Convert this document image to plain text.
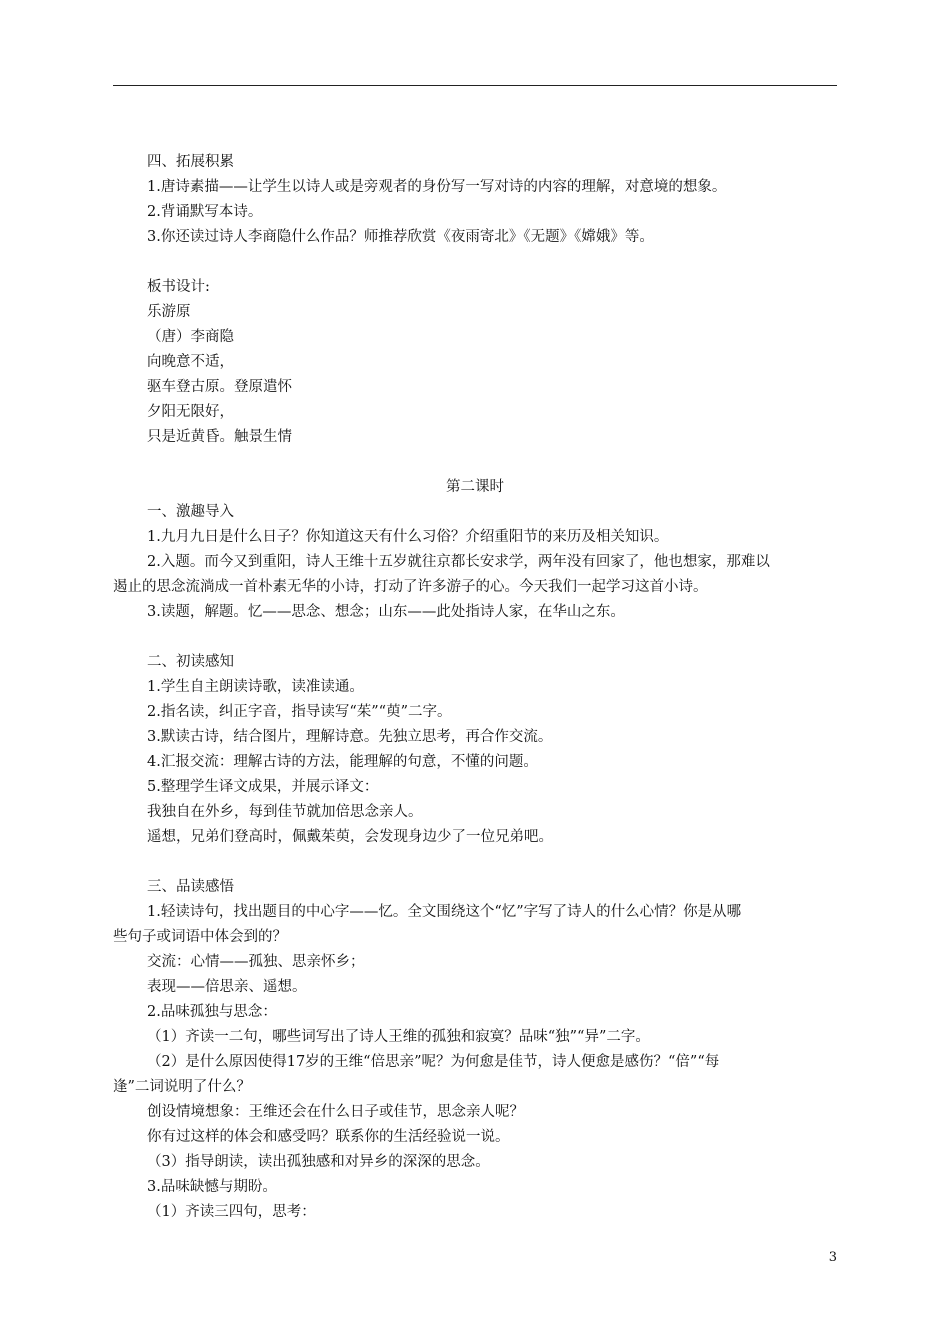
四、拓展积累
1.唐诗素描——让学生以诗人或是旁观者的身份写一写对诗的内容的理解，对意境的想象。
2.背诵默写本诗。
3.你还读过诗人李商隐什么作品？师推荐欣赏《夜雨寄北》《无题》《嫦娥》等。
板书设计:
乐游原
（唐）李商隐
向晚意不适，
驱车登古原。登原遣怀
夕阳无限好，
只是近黄昏。触景生情
第二课时
一、激趣导入
1.九月九日是什么日子？你知道这天有什么习俗？介绍重阳节的来历及相关知识。
2.入题。而今又到重阳，诗人王维十五岁就往京都长安求学，两年没有回家了，他也想家，那难以
遏止的思念流淌成一首朴素无华的小诗，打动了许多游子的心。今天我们一起学习这首小诗。
3.读题，解题。忆——思念、想念；山东——此处指诗人家，在华山之东。
二、初读感知
1.学生自主朗读诗歌，读准读通。
2.指名读，纠正字音，指导读写“茱”“萸”二字。
3.默读古诗，结合图片，理解诗意。先独立思考，再合作交流。
4.汇报交流：理解古诗的方法，能理解的句意，不懂的问题。
5.整理学生译文成果，并展示译文：
我独自在外乡，每到佳节就加倍思念亲人。
遥想，兄弟们登高时，佩戴茱萸，会发现身边少了一位兄弟吧。
三、品读感悟
1.轻读诗句，找出题目的中心字——忆。全文围绕这个“忆”字写了诗人的什么心情？你是从哪
些句子或词语中体会到的？
交流：心情——孤独、思亲怀乡；
表现——倍思亲、遥想。
2.品味孤独与思念：
（1）齐读一二句，哪些词写出了诗人王维的孤独和寂寞？品味“独”“异”二字。
（2）是什么原因使得17岁的王维“倍思亲”呢？为何愈是佳节，诗人便愈是感伤？“倍”“每
逢”二词说明了什么？
创设情境想象：王维还会在什么日子或佳节，思念亲人呢？
你有过这样的体会和感受吗？联系你的生活经验说一说。
（3）指导朗读，读出孤独感和对异乡的深深的思念。
3.品味缺憾与期盼。
（1）齐读三四句，思考：
3
